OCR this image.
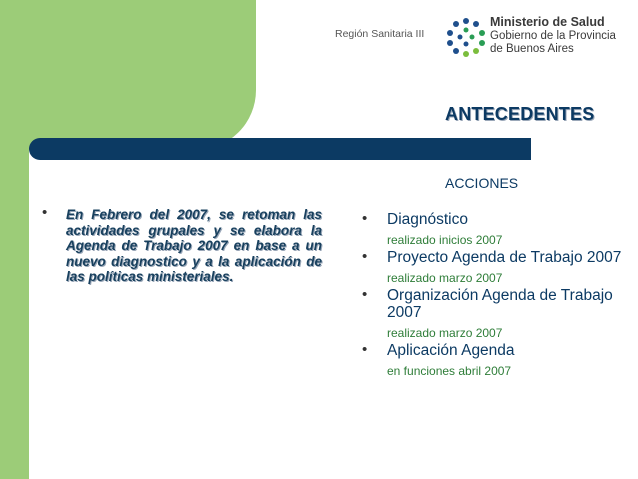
Región Sanitaria III
Ministerio de Salud
Gobierno de la Provincia
de Buenos Aires
ANTECEDENTES
ACCIONES
• En Febrero del 2007, se retoman las actividades grupales y se elabora la Agenda de Trabajo 2007 en base a un nuevo diagnostico y a la aplicación de las políticas ministeriales.

• Diagnóstico
realizado inicios 2007
• Proyecto Agenda de Trabajo 2007
realizado marzo 2007
• Organización Agenda de Trabajo 2007
realizado marzo 2007
• Aplicación Agenda
en funciones abril 2007
